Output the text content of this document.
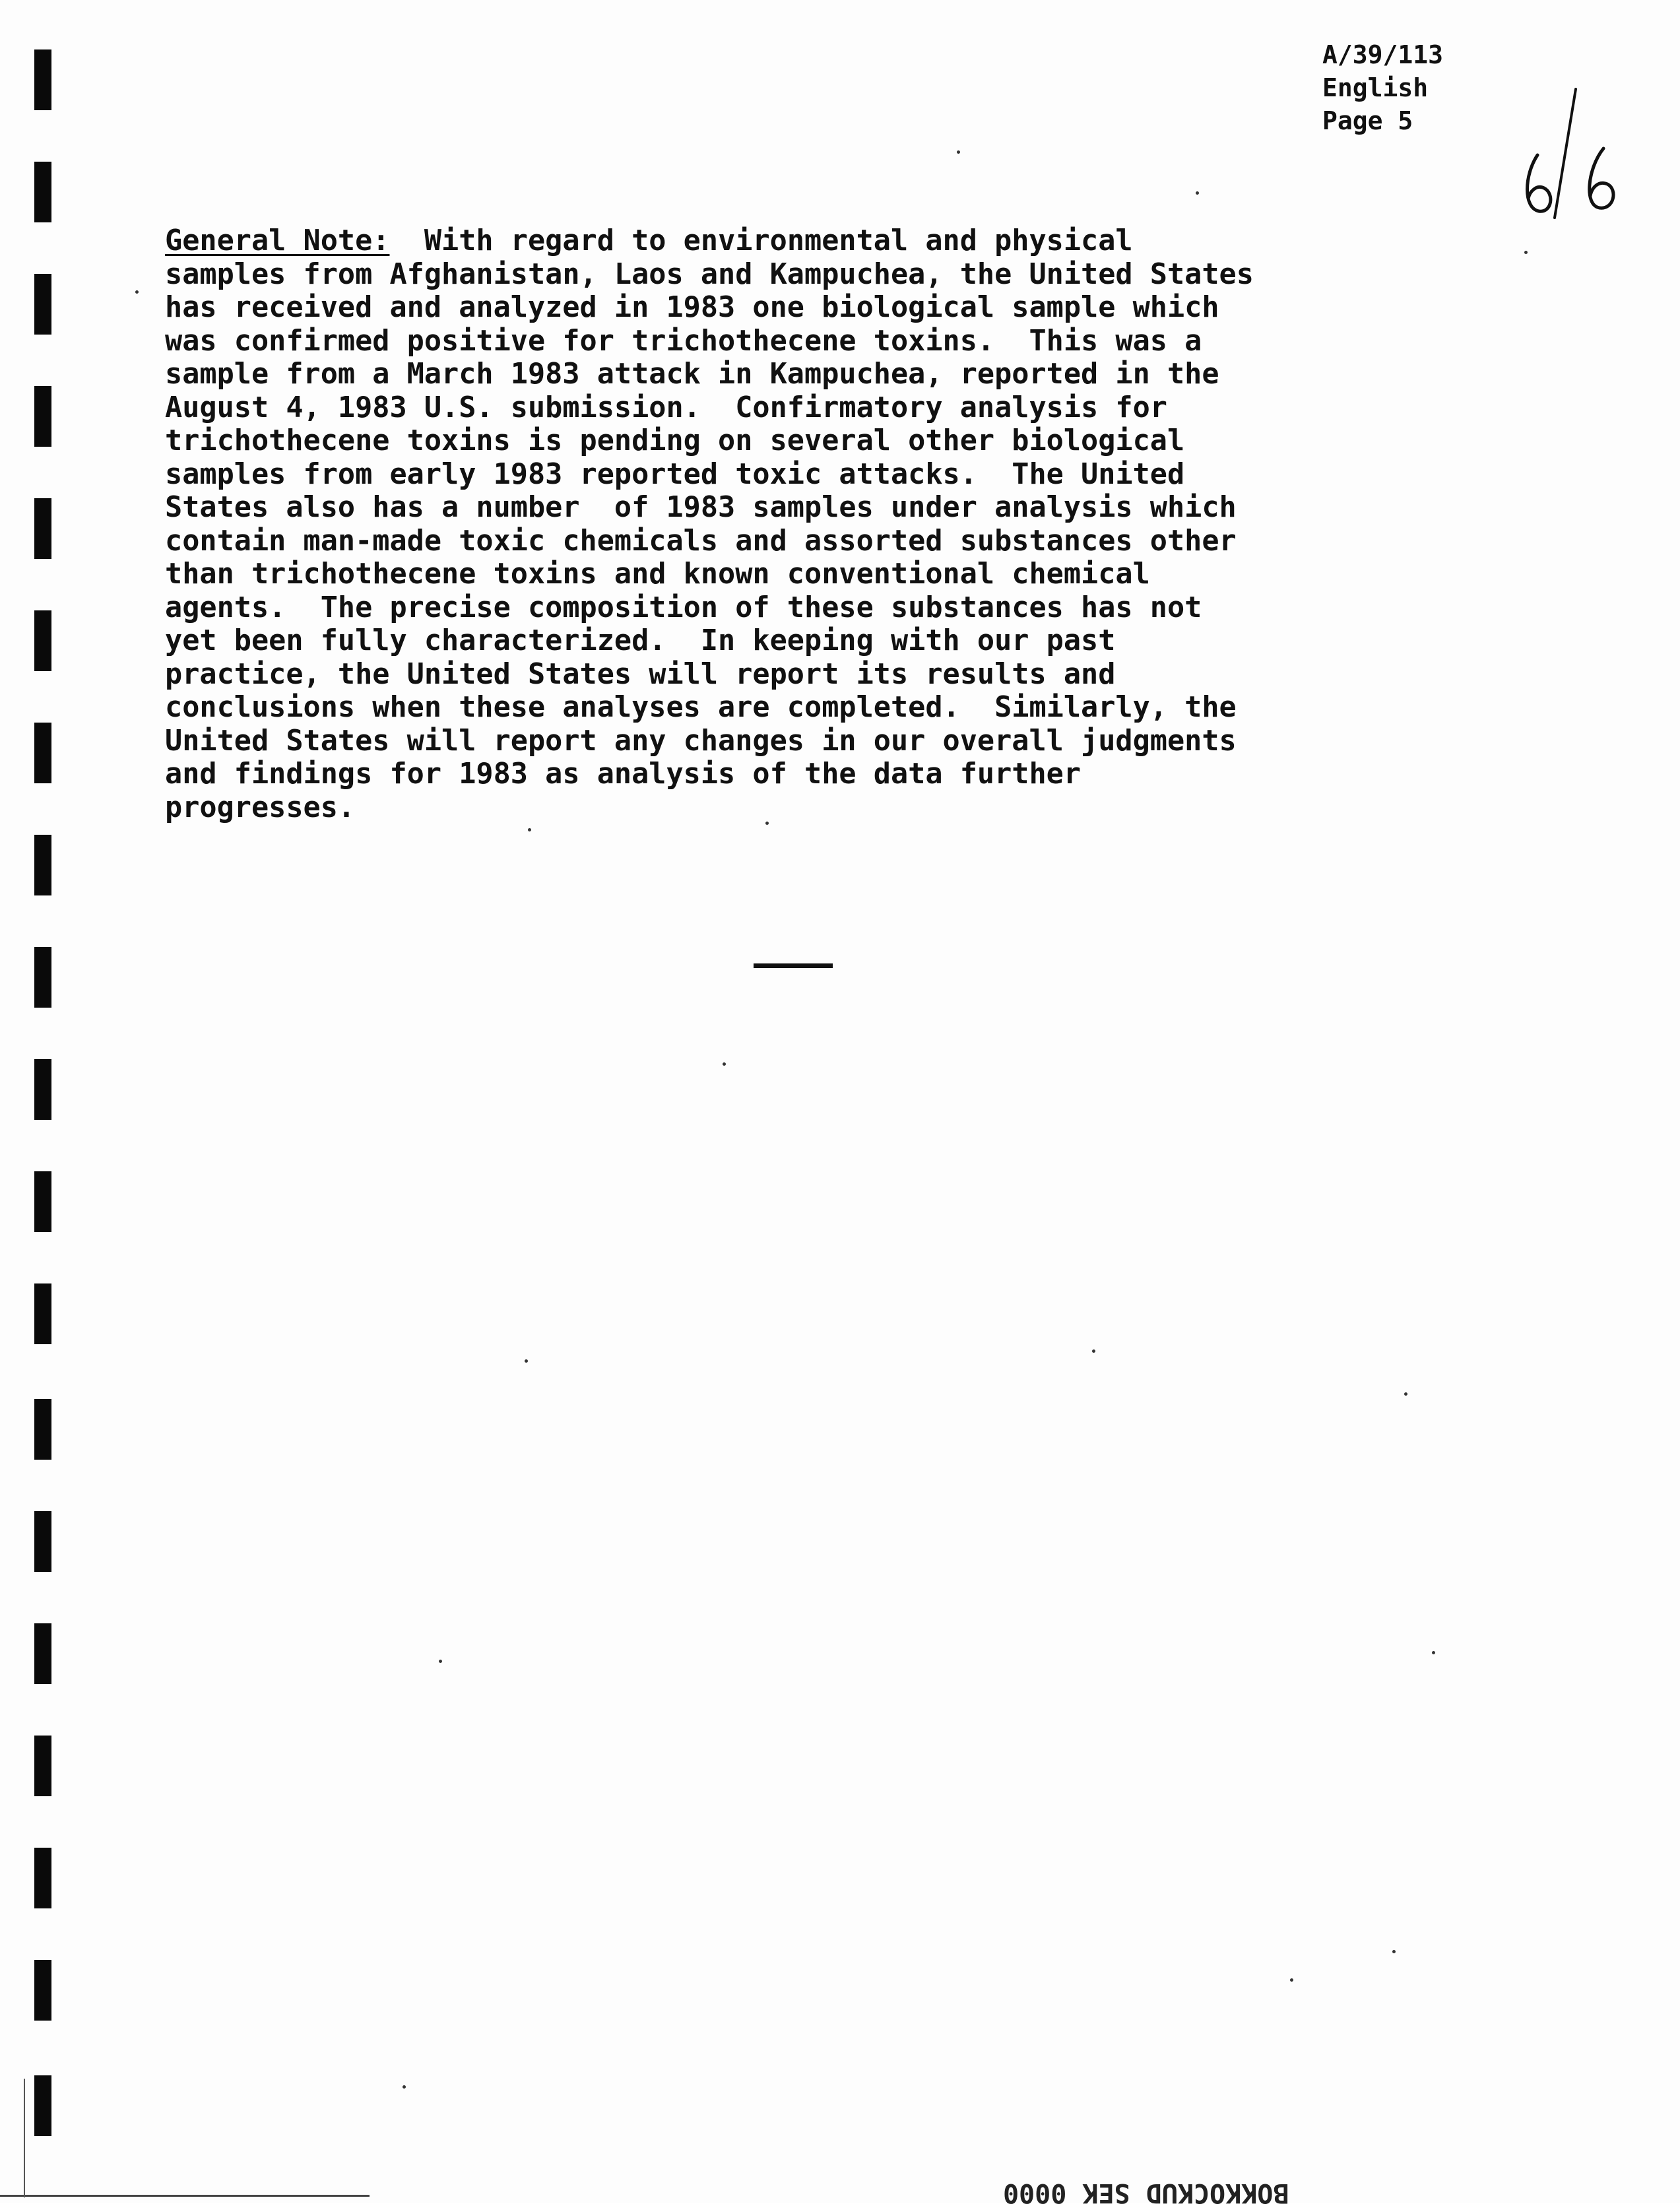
A/39/113
English
Page 5
General Note:  With regard to environmental and physical
samples from Afghanistan, Laos and Kampuchea, the United States
has received and analyzed in 1983 one biological sample which
was confirmed positive for trichothecene toxins.  This was a
sample from a March 1983 attack in Kampuchea, reported in the
August 4, 1983 U.S. submission.  Confirmatory analysis for
trichothecene toxins is pending on several other biological
samples from early 1983 reported toxic attacks.  The United
States also has a number  of 1983 samples under analysis which
contain man-made toxic chemicals and assorted substances other
than trichothecene toxins and known conventional chemical
agents.  The precise composition of these substances has not
yet been fully characterized.  In keeping with our past
practice, the United States will report its results and
conclusions when these analyses are completed.  Similarly, the
United States will report any changes in our overall judgments
and findings for 1983 as analysis of the data further
progresses.
BOKKOCKUD SEK 0000
